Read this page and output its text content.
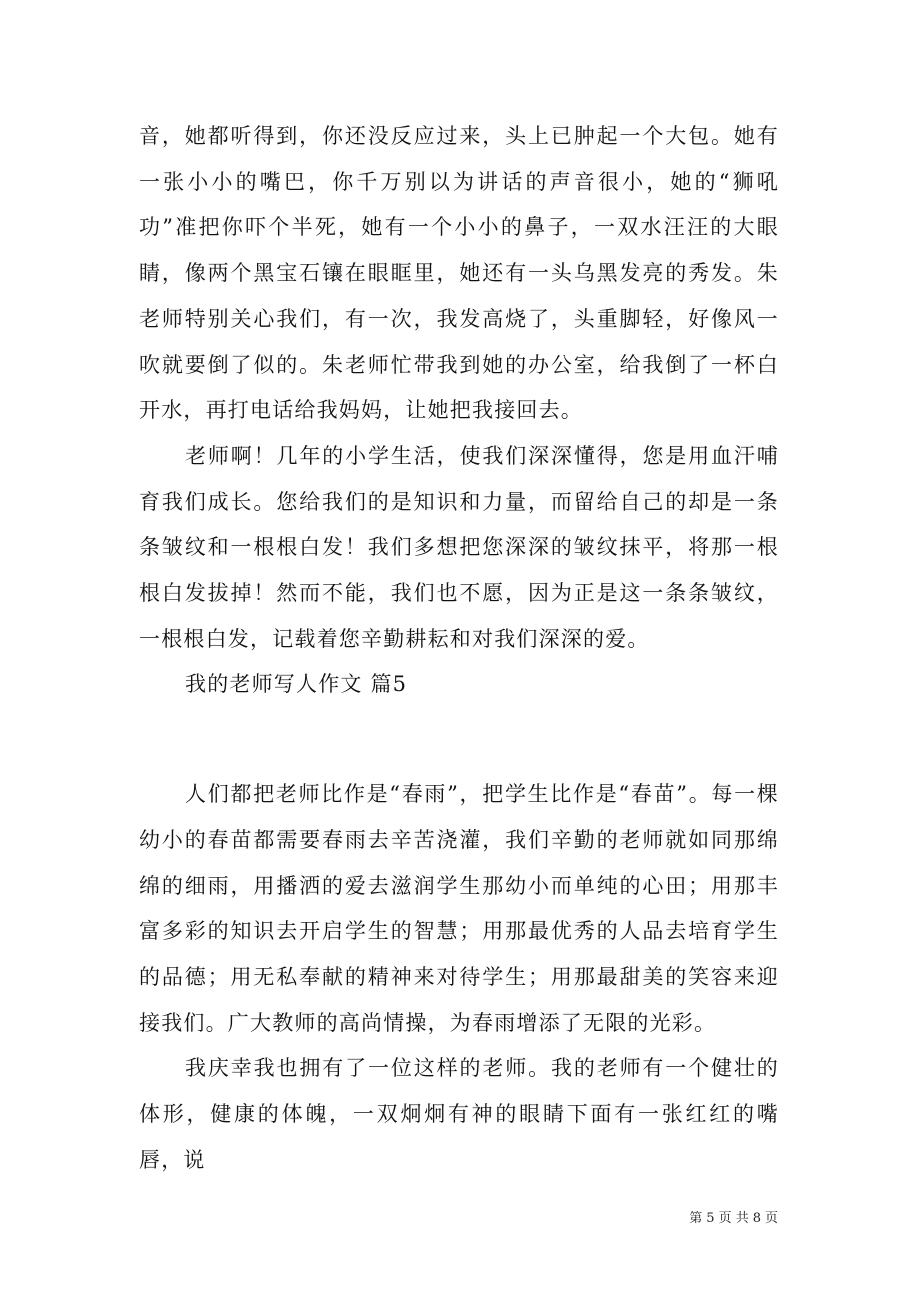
音，她都听得到，你还没反应过来，头上已肿起一个大包。她有一张小小的嘴巴，你千万别以为讲话的声音很小，她的“狮吼功”准把你吓个半死，她有一个小小的鼻子，一双水汪汪的大眼睛，像两个黑宝石镶在眼眶里，她还有一头乌黑发亮的秀发。朱老师特别关心我们，有一次，我发高烧了，头重脚轻，好像风一吹就要倒了似的。朱老师忙带我到她的办公室，给我倒了一杯白开水，再打电话给我妈妈，让她把我接回去。

老师啊！几年的小学生活，使我们深深懂得，您是用血汗哺育我们成长。您给我们的是知识和力量，而留给自己的却是一条条皱纹和一根根白发！我们多想把您深深的皱纹抹平，将那一根根白发拔掉！然而不能，我们也不愿，因为正是这一条条皱纹，一根根白发，记载着您辛勤耕耘和对我们深深的爱。

我的老师写人作文 篇5

人们都把老师比作是“春雨”，把学生比作是“春苗”。每一棵幼小的春苗都需要春雨去辛苦浇灌，我们辛勤的老师就如同那绵绵的细雨，用播洒的爱去滋润学生那幼小而单纯的心田；用那丰富多彩的知识去开启学生的智慧；用那最优秀的人品去培育学生的品德；用无私奉献的精神来对待学生；用那最甜美的笑容来迎接我们。广大教师的高尚情操，为春雨增添了无限的光彩。

我庆幸我也拥有了一位这样的老师。我的老师有一个健壮的体形，健康的体魄，一双炯炯有神的眼睛下面有一张红红的嘴唇，说

第 5 页 共 8 页
